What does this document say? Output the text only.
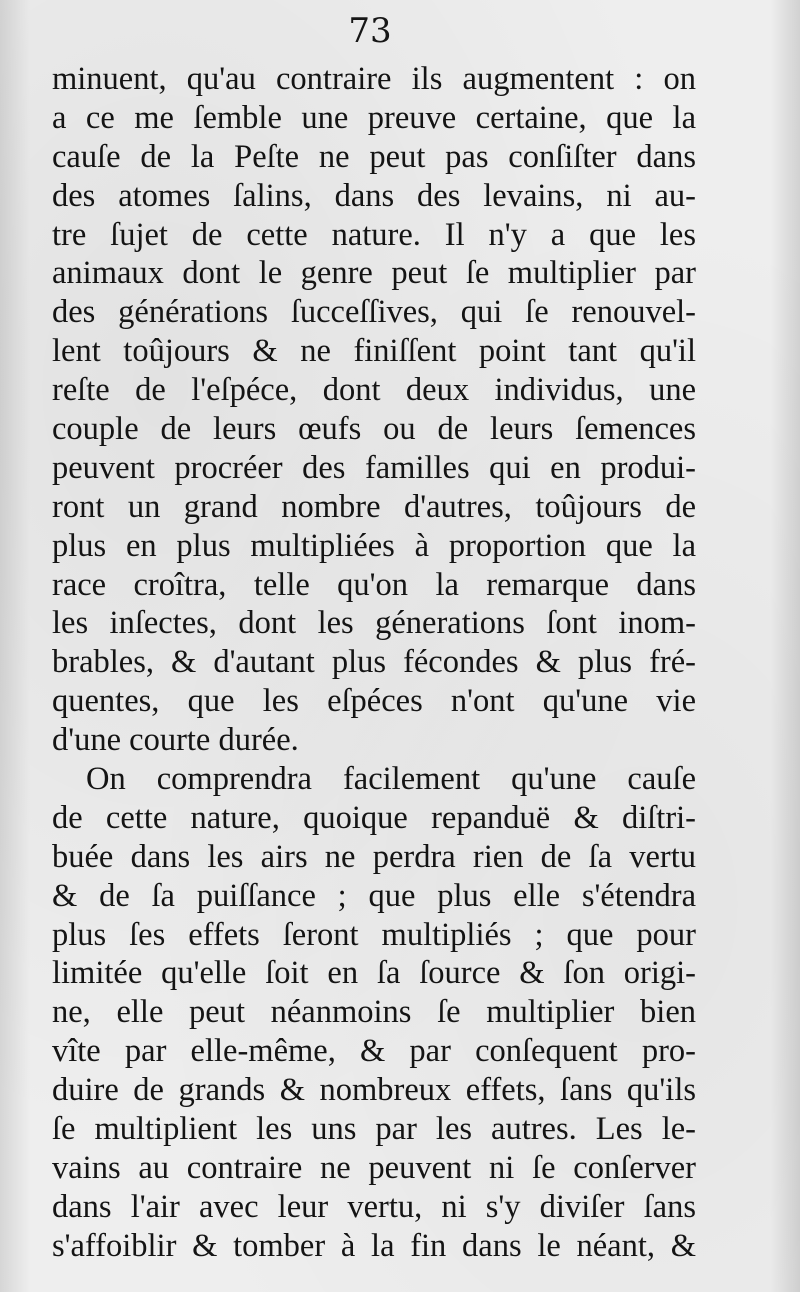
73
minuent, qu'au contraire ils augmentent : on
a ce me ſemble une preuve certaine, que la
cauſe de la Peſte ne peut pas conſiſter dans
des atomes ſalins, dans des levains, ni au-
tre ſujet de cette nature. Il n'y a que les
animaux dont le genre peut ſe multiplier par
des générations ſucceſſives, qui ſe renouvel-
lent toûjours & ne finiſſent point tant qu'il
reſte de l'eſpéce, dont deux individus, une
couple de leurs œufs ou de leurs ſemences
peuvent procréer des familles qui en produi-
ront un grand nombre d'autres, toûjours de
plus en plus multipliées à proportion que la
race croîtra, telle qu'on la remarque dans
les inſectes, dont les génerations ſont inom-
brables, & d'autant plus fécondes & plus fré-
quentes, que les eſpéces n'ont qu'une vie
d'une courte durée.
On comprendra facilement qu'une cauſe
de cette nature, quoique repanduë & diſtri-
buée dans les airs ne perdra rien de ſa vertu
& de ſa puiſſance ; que plus elle s'étendra
plus ſes effets ſeront multipliés ; que pour
limitée qu'elle ſoit en ſa ſource & ſon origi-
ne, elle peut néanmoins ſe multiplier bien
vîte par elle-même, & par conſequent pro-
duire de grands & nombreux effets, ſans qu'ils
ſe multiplient les uns par les autres. Les le-
vains au contraire ne peuvent ni ſe conſerver
dans l'air avec leur vertu, ni s'y diviſer ſans
s'affoiblir & tomber à la fin dans le néant, &
